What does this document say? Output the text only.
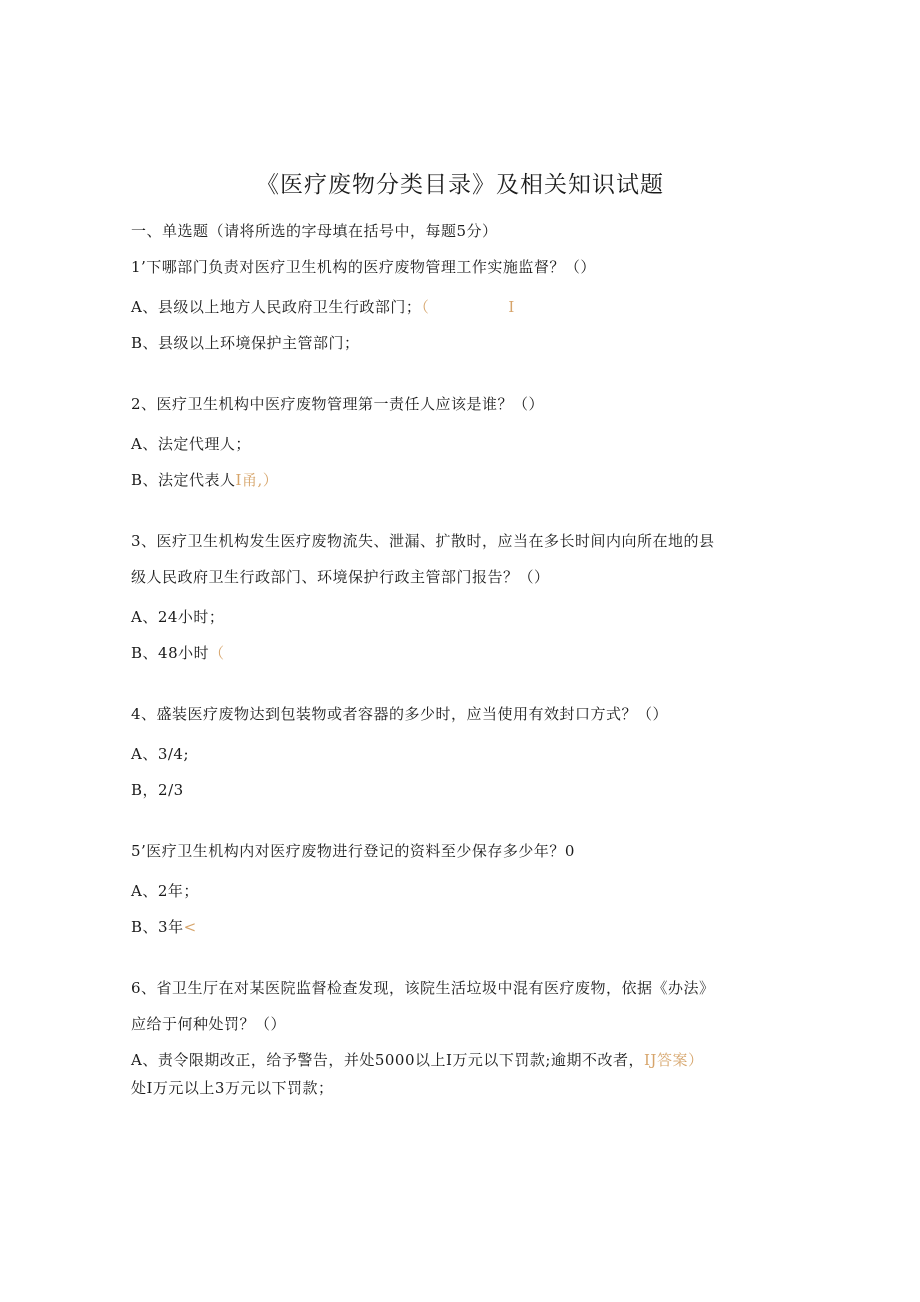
《医疗废物分类目录》及相关知识试题
一、单选题（请将所选的字母填在括号中，每题5分）
1’下哪部门负责对医疗卫生机构的医疗废物管理工作实施监督？（）
A、县级以上地方人民政府卫生行政部门；（               I
B、县级以上环境保护主管部门；
2、医疗卫生机构中医疗废物管理第一责任人应该是谁？（）
A、法定代理人；
B、法定代表人I甬,）
3、医疗卫生机构发生医疗废物流失、泄漏、扩散时，应当在多长时间内向所在地的县
级人民政府卫生行政部门、环境保护行政主管部门报告？（）
A、24小时；
B、48小时（
4、盛装医疗废物达到包装物或者容器的多少时，应当使用有效封口方式？（）
A、3/4;
B，2/3
5’医疗卫生机构内对医疗废物进行登记的资料至少保存多少年？0
A、2年；
B、3年<
6、省卫生厅在对某医院监督检查发现，该院生活垃圾中混有医疗废物，依据《办法》
应给于何种处罚？（）
A、责令限期改正，给予警告，并处5000以上I万元以下罚款;逾期不改者，IJ答案）
处I万元以上3万元以下罚款；
